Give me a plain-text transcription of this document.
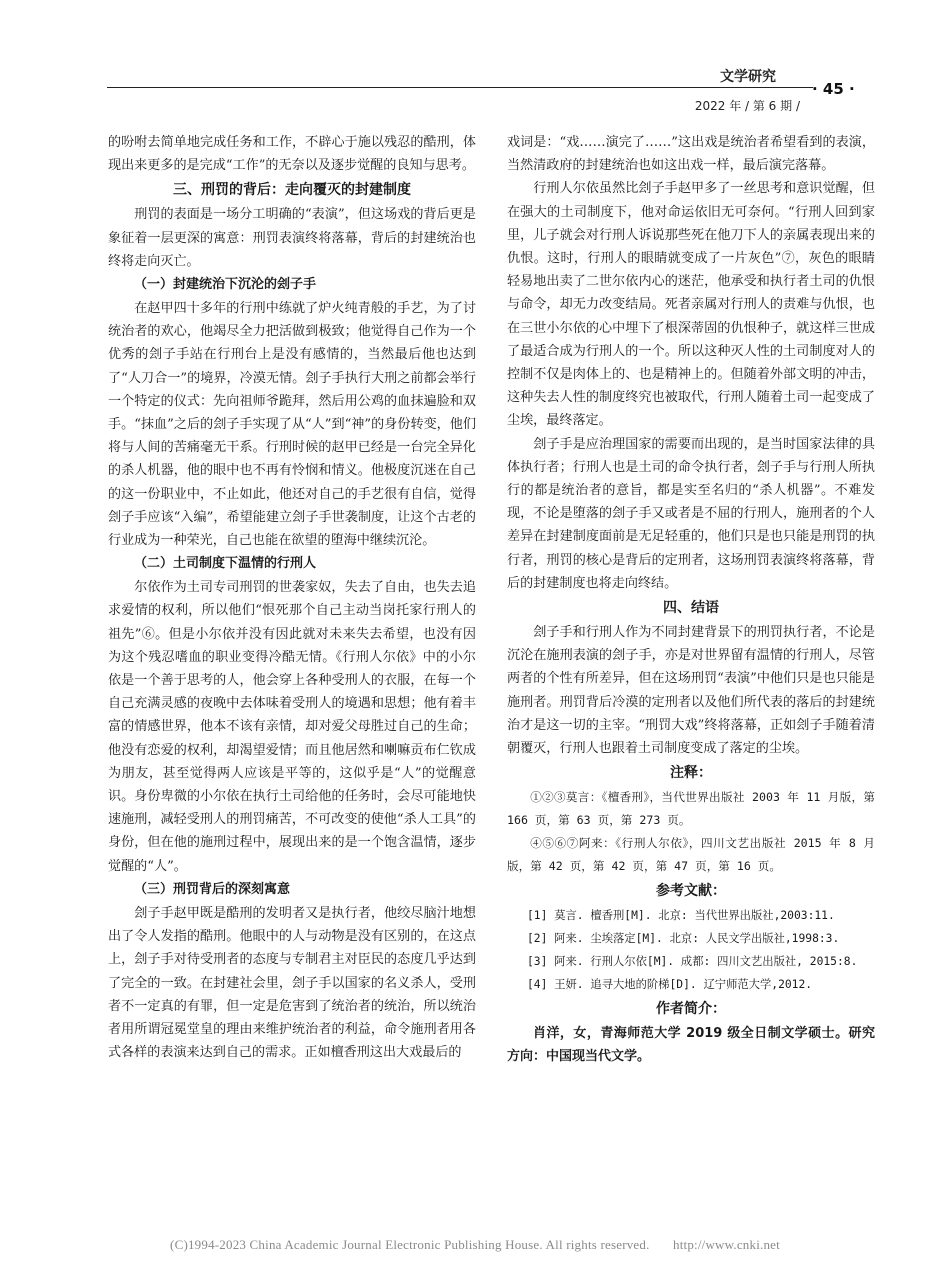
文学研究
· 45 ·
2022 年 / 第 6 期 /

的吩咐去简单地完成任务和工作，不辟心于施以残忍的酷刑，体现出来更多的是完成“工作”的无奈以及逐步觉醒的良知与思考。

三、刑罚的背后：走向覆灭的封建制度

刑罚的表面是一场分工明确的“表演”，但这场戏的背后更是象征着一层更深的寓意：刑罚表演终将落幕，背后的封建统治也终将走向灭亡。

（一）封建统治下沉沦的刽子手

在赵甲四十多年的行刑中练就了炉火纯青般的手艺，为了讨统治者的欢心，他竭尽全力把活做到极致；他觉得自己作为一个优秀的刽子手站在行刑台上是没有感情的，当然最后他也达到了“人刀合一”的境界，冷漠无情。刽子手执行大刑之前都会举行一个特定的仪式：先向祖师爷跪拜，然后用公鸡的血抹遍脸和双手。“抹血”之后的刽子手实现了从“人”到“神”的身份转变，他们将与人间的苦痛毫无干系。行刑时候的赵甲已经是一台完全异化的杀人机器，他的眼中也不再有怜悯和情义。他极度沉迷在自己的这一份职业中，不止如此，他还对自己的手艺很有自信，觉得刽子手应该“入编”，希望能建立刽子手世袭制度，让这个古老的行业成为一种荣光，自己也能在欲望的堕海中继续沉沦。

（二）土司制度下温情的行刑人

尔依作为土司专司刑罚的世袭家奴，失去了自由，也失去追求爱情的权利，所以他们“恨死那个自己主动当岗托家行刑人的祖先”⑥。但是小尔依并没有因此就对未来失去希望，也没有因为这个残忍嗜血的职业变得冷酷无情。《行刑人尔依》中的小尔依是一个善于思考的人，他会穿上各种受刑人的衣服，在每一个自己充满灵感的夜晚中去体味着受刑人的境遇和思想；他有着丰富的情感世界，他本不该有亲情，却对爱父母胜过自己的生命；他没有恋爱的权利，却渴望爱情；而且他居然和喇嘛贡布仁钦成为朋友，甚至觉得两人应该是平等的，这似乎是“人”的觉醒意识。身份卑微的小尔依在执行土司给他的任务时，会尽可能地快速施刑，减轻受刑人的刑罚痛苦，不可改变的使他“杀人工具”的身份，但在他的施刑过程中，展现出来的是一个饱含温情，逐步觉醒的“人”。

（三）刑罚背后的深刻寓意

刽子手赵甲既是酷刑的发明者又是执行者，他绞尽脑汁地想出了令人发指的酷刑。他眼中的人与动物是没有区别的，在这点上，刽子手对待受刑者的态度与专制君主对臣民的态度几乎达到了完全的一致。在封建社会里，刽子手以国家的名义杀人，受刑者不一定真的有罪，但一定是危害到了统治者的统治，所以统治者用所谓冠冕堂皇的理由来维护统治者的利益，命令施刑者用各式各样的表演来达到自己的需求。正如檀香刑这出大戏最后的

戏词是：“戏……演完了……”这出戏是统治者希望看到的表演，当然清政府的封建统治也如这出戏一样，最后演完落幕。

行刑人尔依虽然比刽子手赵甲多了一丝思考和意识觉醒，但在强大的土司制度下，他对命运依旧无可奈何。“行刑人回到家里，儿子就会对行刑人诉说那些死在他刀下人的亲属表现出来的仇恨。这时，行刑人的眼睛就变成了一片灰色”⑦，灰色的眼睛轻易地出卖了二世尔依内心的迷茫，他承受和执行者土司的仇恨与命令，却无力改变结局。死者亲属对行刑人的责难与仇恨，也在三世小尔依的心中埋下了根深蒂固的仇恨种子，就这样三世成了最适合成为行刑人的一个。所以这种灭人性的土司制度对人的控制不仅是肉体上的、也是精神上的。但随着外部文明的冲击，这种失去人性的制度终究也被取代，行刑人随着土司一起变成了尘埃，最终落定。

刽子手是应治理国家的需要而出现的，是当时国家法律的具体执行者；行刑人也是土司的命令执行者，刽子手与行刑人所执行的都是统治者的意旨，都是实至名归的“杀人机器”。不难发现，不论是堕落的刽子手又或者是不屈的行刑人，施刑者的个人差异在封建制度面前是无足轻重的，他们只是也只能是刑罚的执行者，刑罚的核心是背后的定刑者，这场刑罚表演终将落幕，背后的封建制度也将走向终结。

四、结语

刽子手和行刑人作为不同封建背景下的刑罚执行者，不论是沉沦在施刑表演的刽子手，亦是对世界留有温情的行刑人，尽管两者的个性有所差异，但在这场刑罚“表演”中他们只是也只能是施刑者。刑罚背后冷漠的定刑者以及他们所代表的落后的封建统治才是这一切的主宰。“刑罚大戏”终将落幕，正如刽子手随着清朝覆灭，行刑人也跟着土司制度变成了落定的尘埃。

注释：

①②③莫言：《檀香刑》，当代世界出版社 2003 年 11 月版，第 166 页，第 63 页，第 273 页。

④⑤⑥⑦阿来：《行刑人尔依》，四川文艺出版社 2015 年 8 月版，第 42 页，第 42 页，第 47 页，第 16 页。

参考文献：

[1] 莫言. 檀香刑[M]. 北京: 当代世界出版社,2003:11.

[2] 阿来. 尘埃落定[M]. 北京: 人民文学出版社,1998:3.

[3] 阿来. 行刑人尔依[M]. 成都: 四川文艺出版社, 2015:8.

[4] 王妍. 追寻大地的阶梯[D]. 辽宁师范大学,2012.

作者简介：

肖洋，女，青海师范大学 2019 级全日制文学硕士。研究方向：中国现当代文学。

(C)1994-2023 China Academic Journal Electronic Publishing House. All rights reserved. http://www.cnki.net
